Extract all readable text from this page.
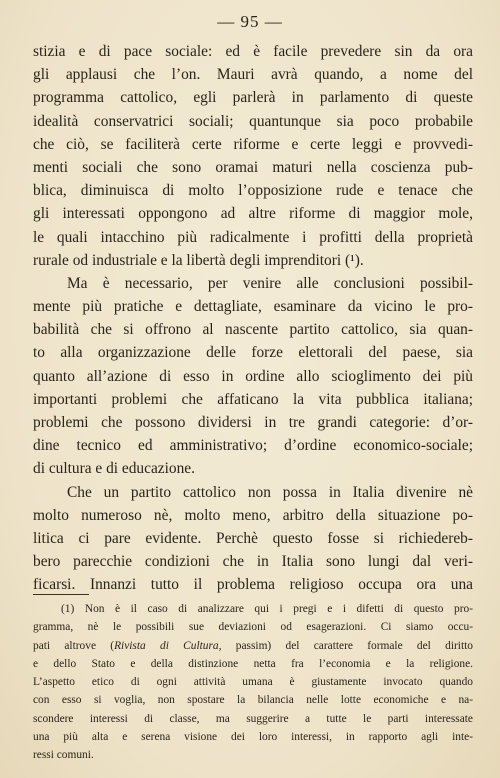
— 95 —
stizia e di pace sociale: ed è facile prevedere sin da ora
gli applausi che l’on. Mauri avrà quando, a nome del
programma cattolico, egli parlerà in parlamento di queste
idealità conservatrici sociali; quantunque sia poco probabile
che ciò, se faciliterà certe riforme e certe leggi e provvedi-
menti sociali che sono oramai maturi nella coscienza pub-
blica, diminuisca di molto l’opposizione rude e tenace che
gli interessati oppongono ad altre riforme di maggior mole,
le quali intacchino più radicalmente i profitti della proprietà
rurale od industriale e la libertà degli imprenditori (¹).
Ma è necessario, per venire alle conclusioni possibil-
mente più pratiche e dettagliate, esaminare da vicino le pro-
babilità che si offrono al nascente partito cattolico, sia quan-
to alla organizzazione delle forze elettorali del paese, sia
quanto all’azione di esso in ordine allo scioglimento dei più
importanti problemi che affaticano la vita pubblica italiana;
problemi che possono dividersi in tre grandi categorie: d’or-
dine tecnico ed amministrativo; d’ordine economico-sociale;
di cultura e di educazione.
Che un partito cattolico non possa in Italia divenire nè
molto numeroso nè, molto meno, arbitro della situazione po-
litica ci pare evidente. Perchè questo fosse si richiedereb-
bero parecchie condizioni che in Italia sono lungi dal veri-
ficarsi. Innanzi tutto il problema religioso occupa ora una
(1) Non è il caso di analizzare qui i pregi e i difetti di questo pro-
gramma, nè le possibili sue deviazioni od esagerazioni. Ci siamo occu-
pati altrove (Rivista di Cultura, passim) del carattere formale del diritto
e dello Stato e della distinzione netta fra l’economia e la religione.
L’aspetto etico di ogni attività umana è giustamente invocato quando
con esso si voglia, non spostare la bilancia nelle lotte economiche e na-
scondere interessi di classe, ma suggerire a tutte le parti interessate
una più alta e serena visione dei loro interessi, in rapporto agli inte-
ressi comuni.
